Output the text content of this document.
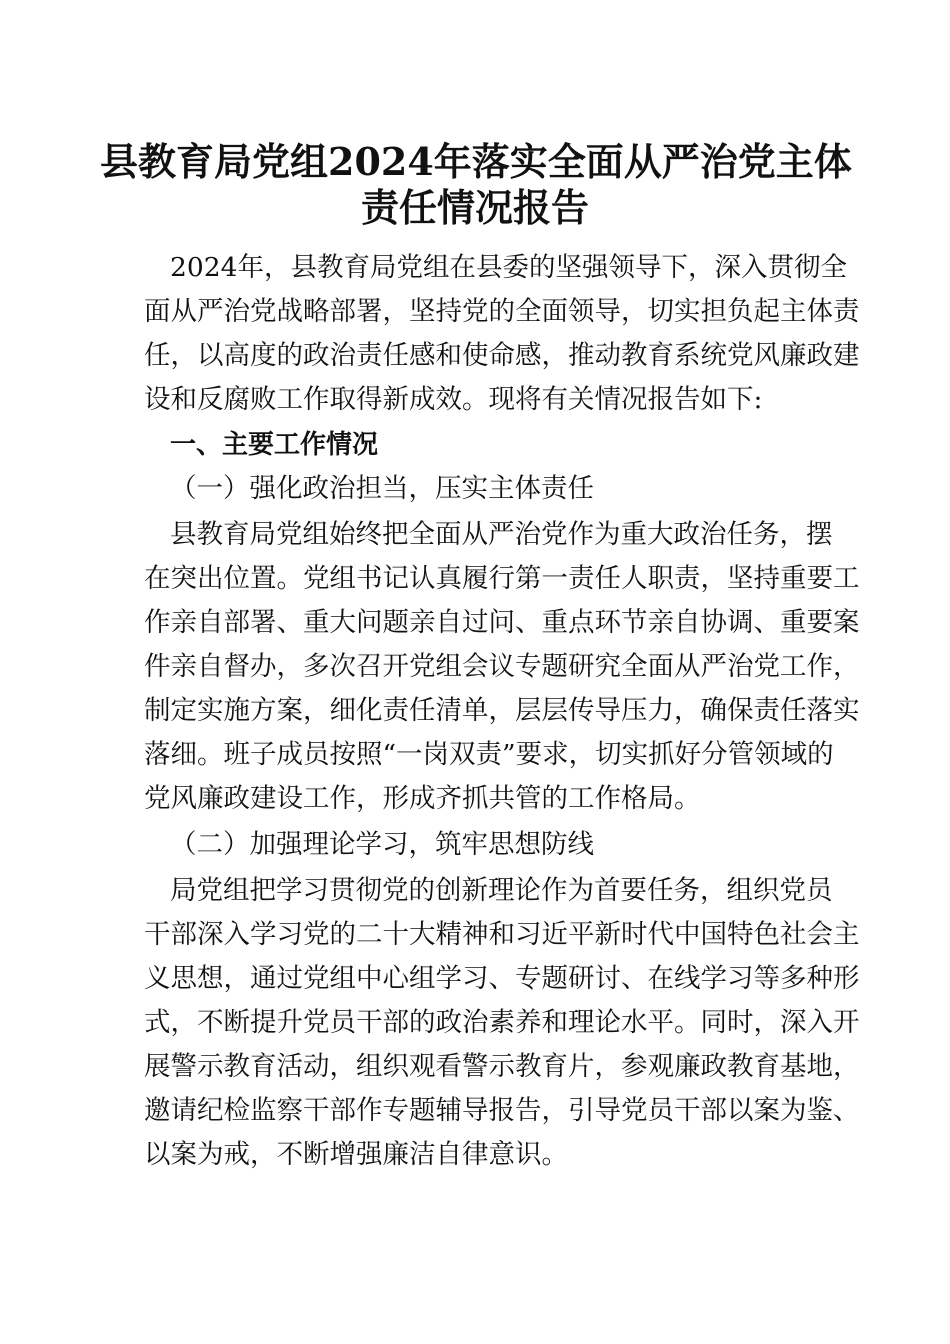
县教育局党组2024年落实全面从严治党主体
责任情况报告
2024年，县教育局党组在县委的坚强领导下，深入贯彻全
面从严治党战略部署，坚持党的全面领导，切实担负起主体责
任，以高度的政治责任感和使命感，推动教育系统党风廉政建
设和反腐败工作取得新成效。现将有关情况报告如下:
一、主要工作情况
（一）强化政治担当，压实主体责任
县教育局党组始终把全面从严治党作为重大政治任务，摆
在突出位置。党组书记认真履行第一责任人职责，坚持重要工
作亲自部署、重大问题亲自过问、重点环节亲自协调、重要案
件亲自督办，多次召开党组会议专题研究全面从严治党工作，
制定实施方案，细化责任清单，层层传导压力，确保责任落实
落细。班子成员按照“一岗双责”要求，切实抓好分管领域的
党风廉政建设工作，形成齐抓共管的工作格局。
（二）加强理论学习，筑牢思想防线
局党组把学习贯彻党的创新理论作为首要任务，组织党员
干部深入学习党的二十大精神和习近平新时代中国特色社会主
义思想，通过党组中心组学习、专题研讨、在线学习等多种形
式，不断提升党员干部的政治素养和理论水平。同时，深入开
展警示教育活动，组织观看警示教育片，参观廉政教育基地，
邀请纪检监察干部作专题辅导报告，引导党员干部以案为鉴、
以案为戒，不断增强廉洁自律意识。
